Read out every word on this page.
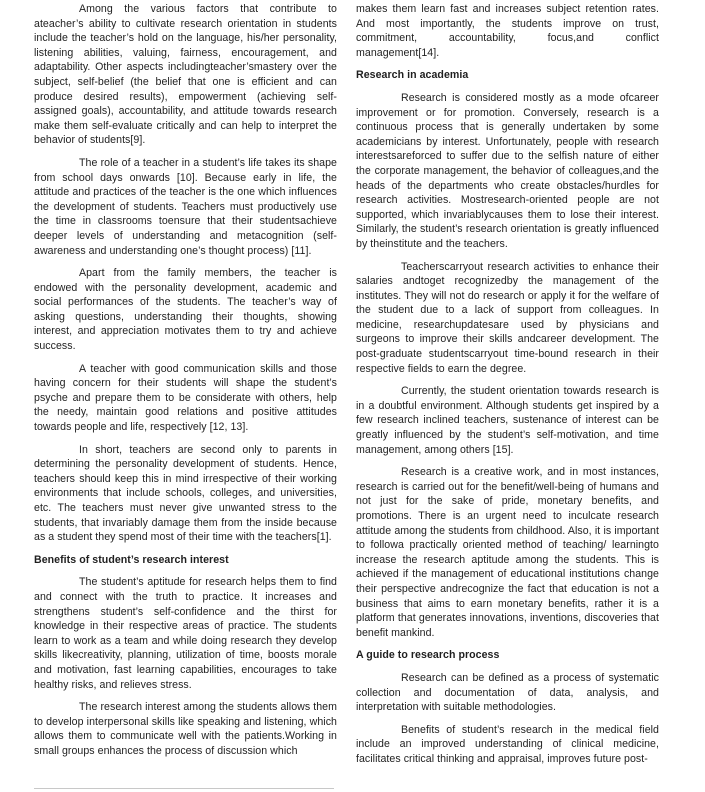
Among the various factors that contribute to ateacher’s ability to cultivate research orientation in students include the teacher’s hold on the language, his/her personality, listening abilities, valuing, fairness, encouragement, and adaptability. Other aspects includingteacher’smastery over the subject, self-belief (the belief that one is efficient and can produce desired results), empowerment (achieving self-assigned goals), accountability, and attitude towards research make them self-evaluate critically and can help to interpret the behavior of students[9].

The role of a teacher in a student’s life takes its shape from school days onwards [10]. Because early in life, the attitude and practices of the teacher is the one which influences the development of students. Teachers must productively use the time in classrooms toensure that their studentsachieve deeper levels of understanding and metacognition (self-awareness and understanding one’s thought process) [11].

Apart from the family members, the teacher is endowed with the personality development, academic and social performances of the students. The teacher’s way of asking questions, understanding their thoughts, showing interest, and appreciation motivates them to try and achieve success.

A teacher with good communication skills and those having concern for their students will shape the student’s psyche and prepare them to be considerate with others, help the needy, maintain good relations and positive attitudes towards people and life, respectively [12, 13].

In short, teachers are second only to parents in determining the personality development of students. Hence, teachers should keep this in mind irrespective of their working environments that include schools, colleges, and universities, etc. The teachers must never give unwanted stress to the students, that invariably damage them from the inside because as a student they spend most of their time with the teachers[1].

Benefits of student’s research interest

The student’s aptitude for research helps them to find and connect with the truth to practice. It increases and strengthens student’s self-confidence and the thirst for knowledge in their respective areas of practice. The students learn to work as a team and while doing research they develop skills likecreativity, planning, utilization of time, boosts morale and motivation, fast learning capabilities, encourages to take healthy risks, and relieves stress.

The research interest among the students allows them to develop interpersonal skills like speaking and listening, which allows them to communicate well with the patients.Working in small groups enhances the process of discussion which

makes them learn fast and increases subject retention rates. And most importantly, the students improve on trust, commitment, accountability, focus,and conflict management[14].

Research in academia

Research is considered mostly as a mode ofcareer improvement or for promotion. Conversely, research is a continuous process that is generally undertaken by some academicians by interest. Unfortunately, people with research interestsareforced to suffer due to the selfish nature of either the corporate management, the behavior of colleagues,and the heads of the departments who create obstacles/hurdles for research activities. Mostresearch-oriented people are not supported, which invariablycauses them to lose their interest. Similarly, the student’s research orientation is greatly influenced by theinstitute and the teachers.

Teacherscarryout research activities to enhance their salaries andtoget recognizedby the management of the institutes. They will not do research or apply it for the welfare of the student due to a lack of support from colleagues. In medicine, researchupdatesare used by physicians and surgeons to improve their skills andcareer development. The post-graduate studentscarryout time-bound research in their respective fields to earn the degree.

Currently, the student orientation towards research is in a doubtful environment. Although students get inspired by a few research inclined teachers, sustenance of interest can be greatly influenced by the student’s self-motivation, and time management, among others [15].

Research is a creative work, and in most instances, research is carried out for the benefit/well-being of humans and not just for the sake of pride, monetary benefits, and promotions. There is an urgent need to inculcate research attitude among the students from childhood. Also, it is important to followa practically oriented method of teaching/ learningto increase the research aptitude among the students. This is achieved if the management of educational institutions change their perspective andrecognize the fact that education is not a business that aims to earn monetary benefits, rather it is a platform that generates innovations, inventions, discoveries that benefit mankind.

A guide to research process

Research can be defined as a process of systematic collection and documentation of data, analysis, and interpretation with suitable methodologies.

Benefits of student’s research in the medical field include an improved understanding of clinical medicine, facilitates critical thinking and appraisal, improves future post-
